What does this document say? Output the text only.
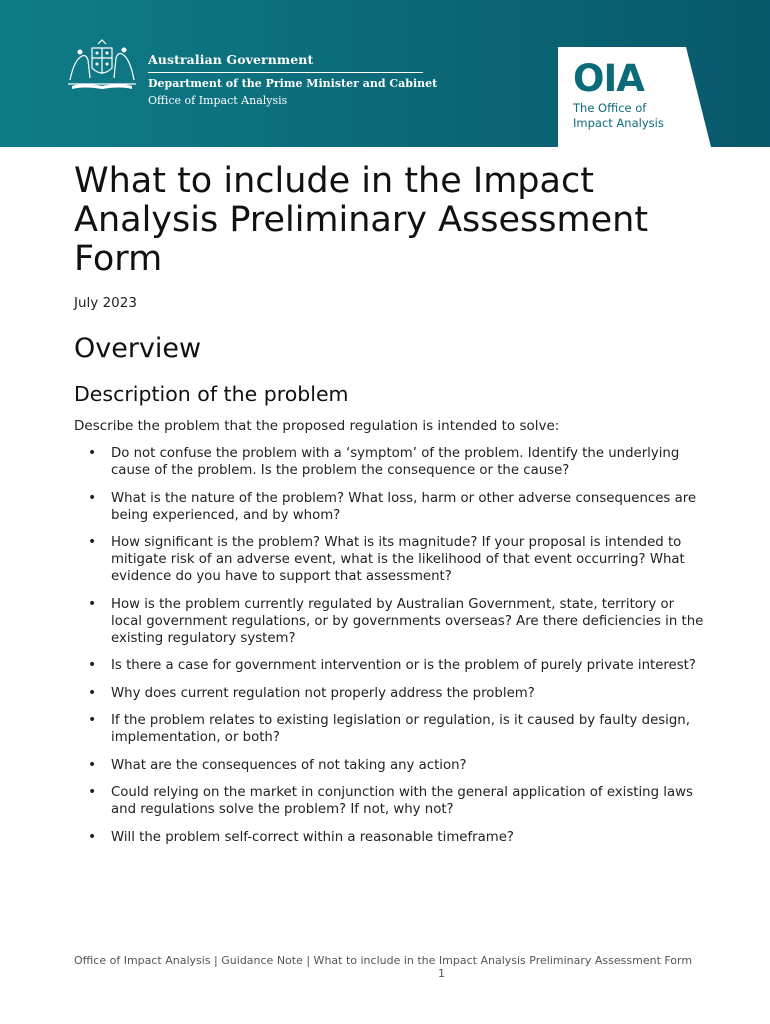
Australian Government
Department of the Prime Minister and Cabinet
Office of Impact Analysis
OIA
The Office of
Impact Analysis
What to include in the Impact Analysis Preliminary Assessment Form
July 2023
Overview
Description of the problem
Describe the problem that the proposed regulation is intended to solve:
• Do not confuse the problem with a ‘symptom’ of the problem. Identify the underlying cause of the problem. Is the problem the consequence or the cause?
• What is the nature of the problem? What loss, harm or other adverse consequences are being experienced, and by whom?
• How significant is the problem? What is its magnitude? If your proposal is intended to mitigate risk of an adverse event, what is the likelihood of that event occurring? What evidence do you have to support that assessment?
• How is the problem currently regulated by Australian Government, state, territory or local government regulations, or by governments overseas? Are there deficiencies in the existing regulatory system?
• Is there a case for government intervention or is the problem of purely private interest?
• Why does current regulation not properly address the problem?
• If the problem relates to existing legislation or regulation, is it caused by faulty design, implementation, or both?
• What are the consequences of not taking any action?
• Could relying on the market in conjunction with the general application of existing laws and regulations solve the problem? If not, why not?
• Will the problem self-correct within a reasonable timeframe?
Office of Impact Analysis | Guidance Note | What to include in the Impact Analysis Preliminary Assessment Form
1
